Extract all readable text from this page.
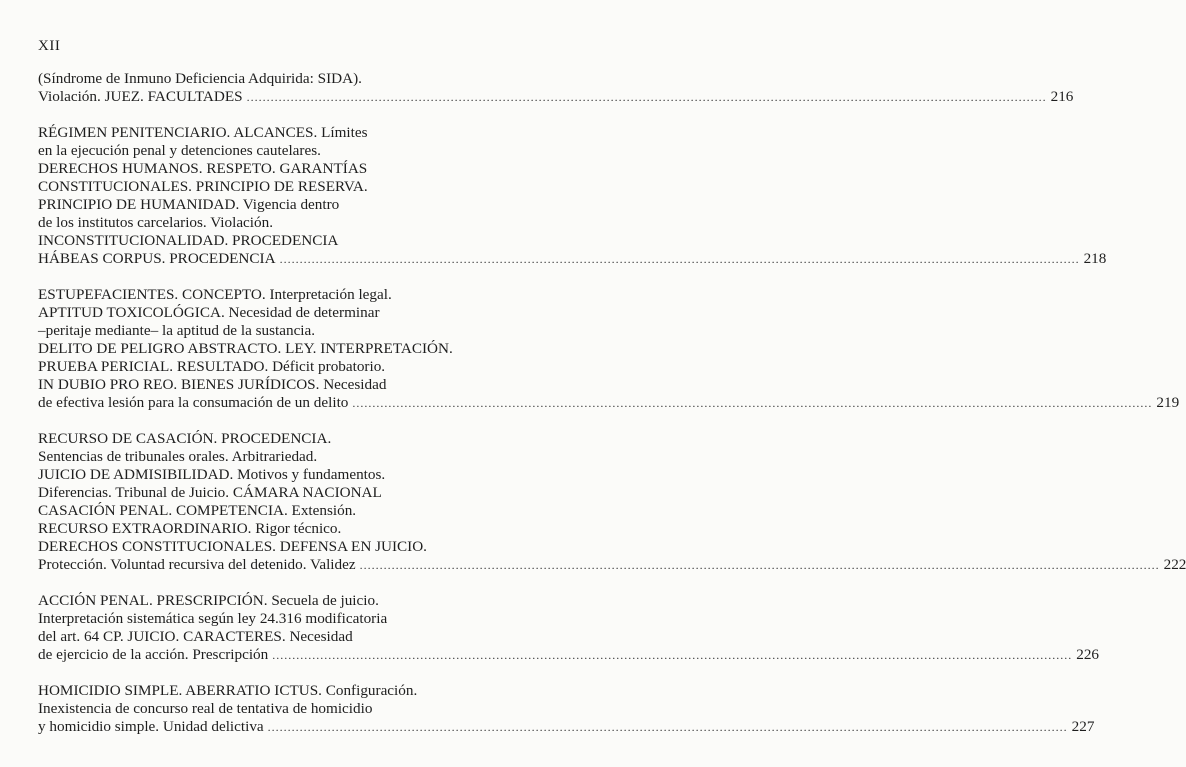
XII
(Síndrome de Inmuno Deficiencia Adquirida: SIDA).
Violación. JUEZ. FACULTADES ........................................................................................................................................................................................................ 216
RÉGIMEN PENITENCIARIO. ALCANCES. Límites
en la ejecución penal y detenciones cautelares.
DERECHOS HUMANOS. RESPETO. GARANTÍAS
CONSTITUCIONALES. PRINCIPIO DE RESERVA.
PRINCIPIO DE HUMANIDAD. Vigencia dentro
de los institutos carcelarios. Violación.
INCONSTITUCIONALIDAD. PROCEDENCIA
HÁBEAS CORPUS. PROCEDENCIA ........................................................................................................................................................................................................ 218
ESTUPEFACIENTES. CONCEPTO. Interpretación legal.
APTITUD TOXICOLÓGICA. Necesidad de determinar
–peritaje mediante– la aptitud de la sustancia.
DELITO DE PELIGRO ABSTRACTO. LEY. INTERPRETACIÓN.
PRUEBA PERICIAL. RESULTADO. Déficit probatorio.
IN DUBIO PRO REO. BIENES JURÍDICOS. Necesidad
de efectiva lesión para la consumación de un delito ........................................................................................................................................................................................................ 219
RECURSO DE CASACIÓN. PROCEDENCIA.
Sentencias de tribunales orales. Arbitrariedad.
JUICIO DE ADMISIBILIDAD. Motivos y fundamentos.
Diferencias. Tribunal de Juicio. CÁMARA NACIONAL
CASACIÓN PENAL. COMPETENCIA. Extensión.
RECURSO EXTRAORDINARIO. Rigor técnico.
DERECHOS CONSTITUCIONALES. DEFENSA EN JUICIO.
Protección. Voluntad recursiva del detenido. Validez ........................................................................................................................................................................................................ 222
ACCIÓN PENAL. PRESCRIPCIÓN. Secuela de juicio.
Interpretación sistemática según ley 24.316 modificatoria
del art. 64 CP. JUICIO. CARACTERES. Necesidad
de ejercicio de la acción. Prescripción ........................................................................................................................................................................................................ 226
HOMICIDIO SIMPLE. ABERRATIO ICTUS. Configuración.
Inexistencia de concurso real de tentativa de homicidio
y homicidio simple. Unidad delictiva ........................................................................................................................................................................................................ 227
